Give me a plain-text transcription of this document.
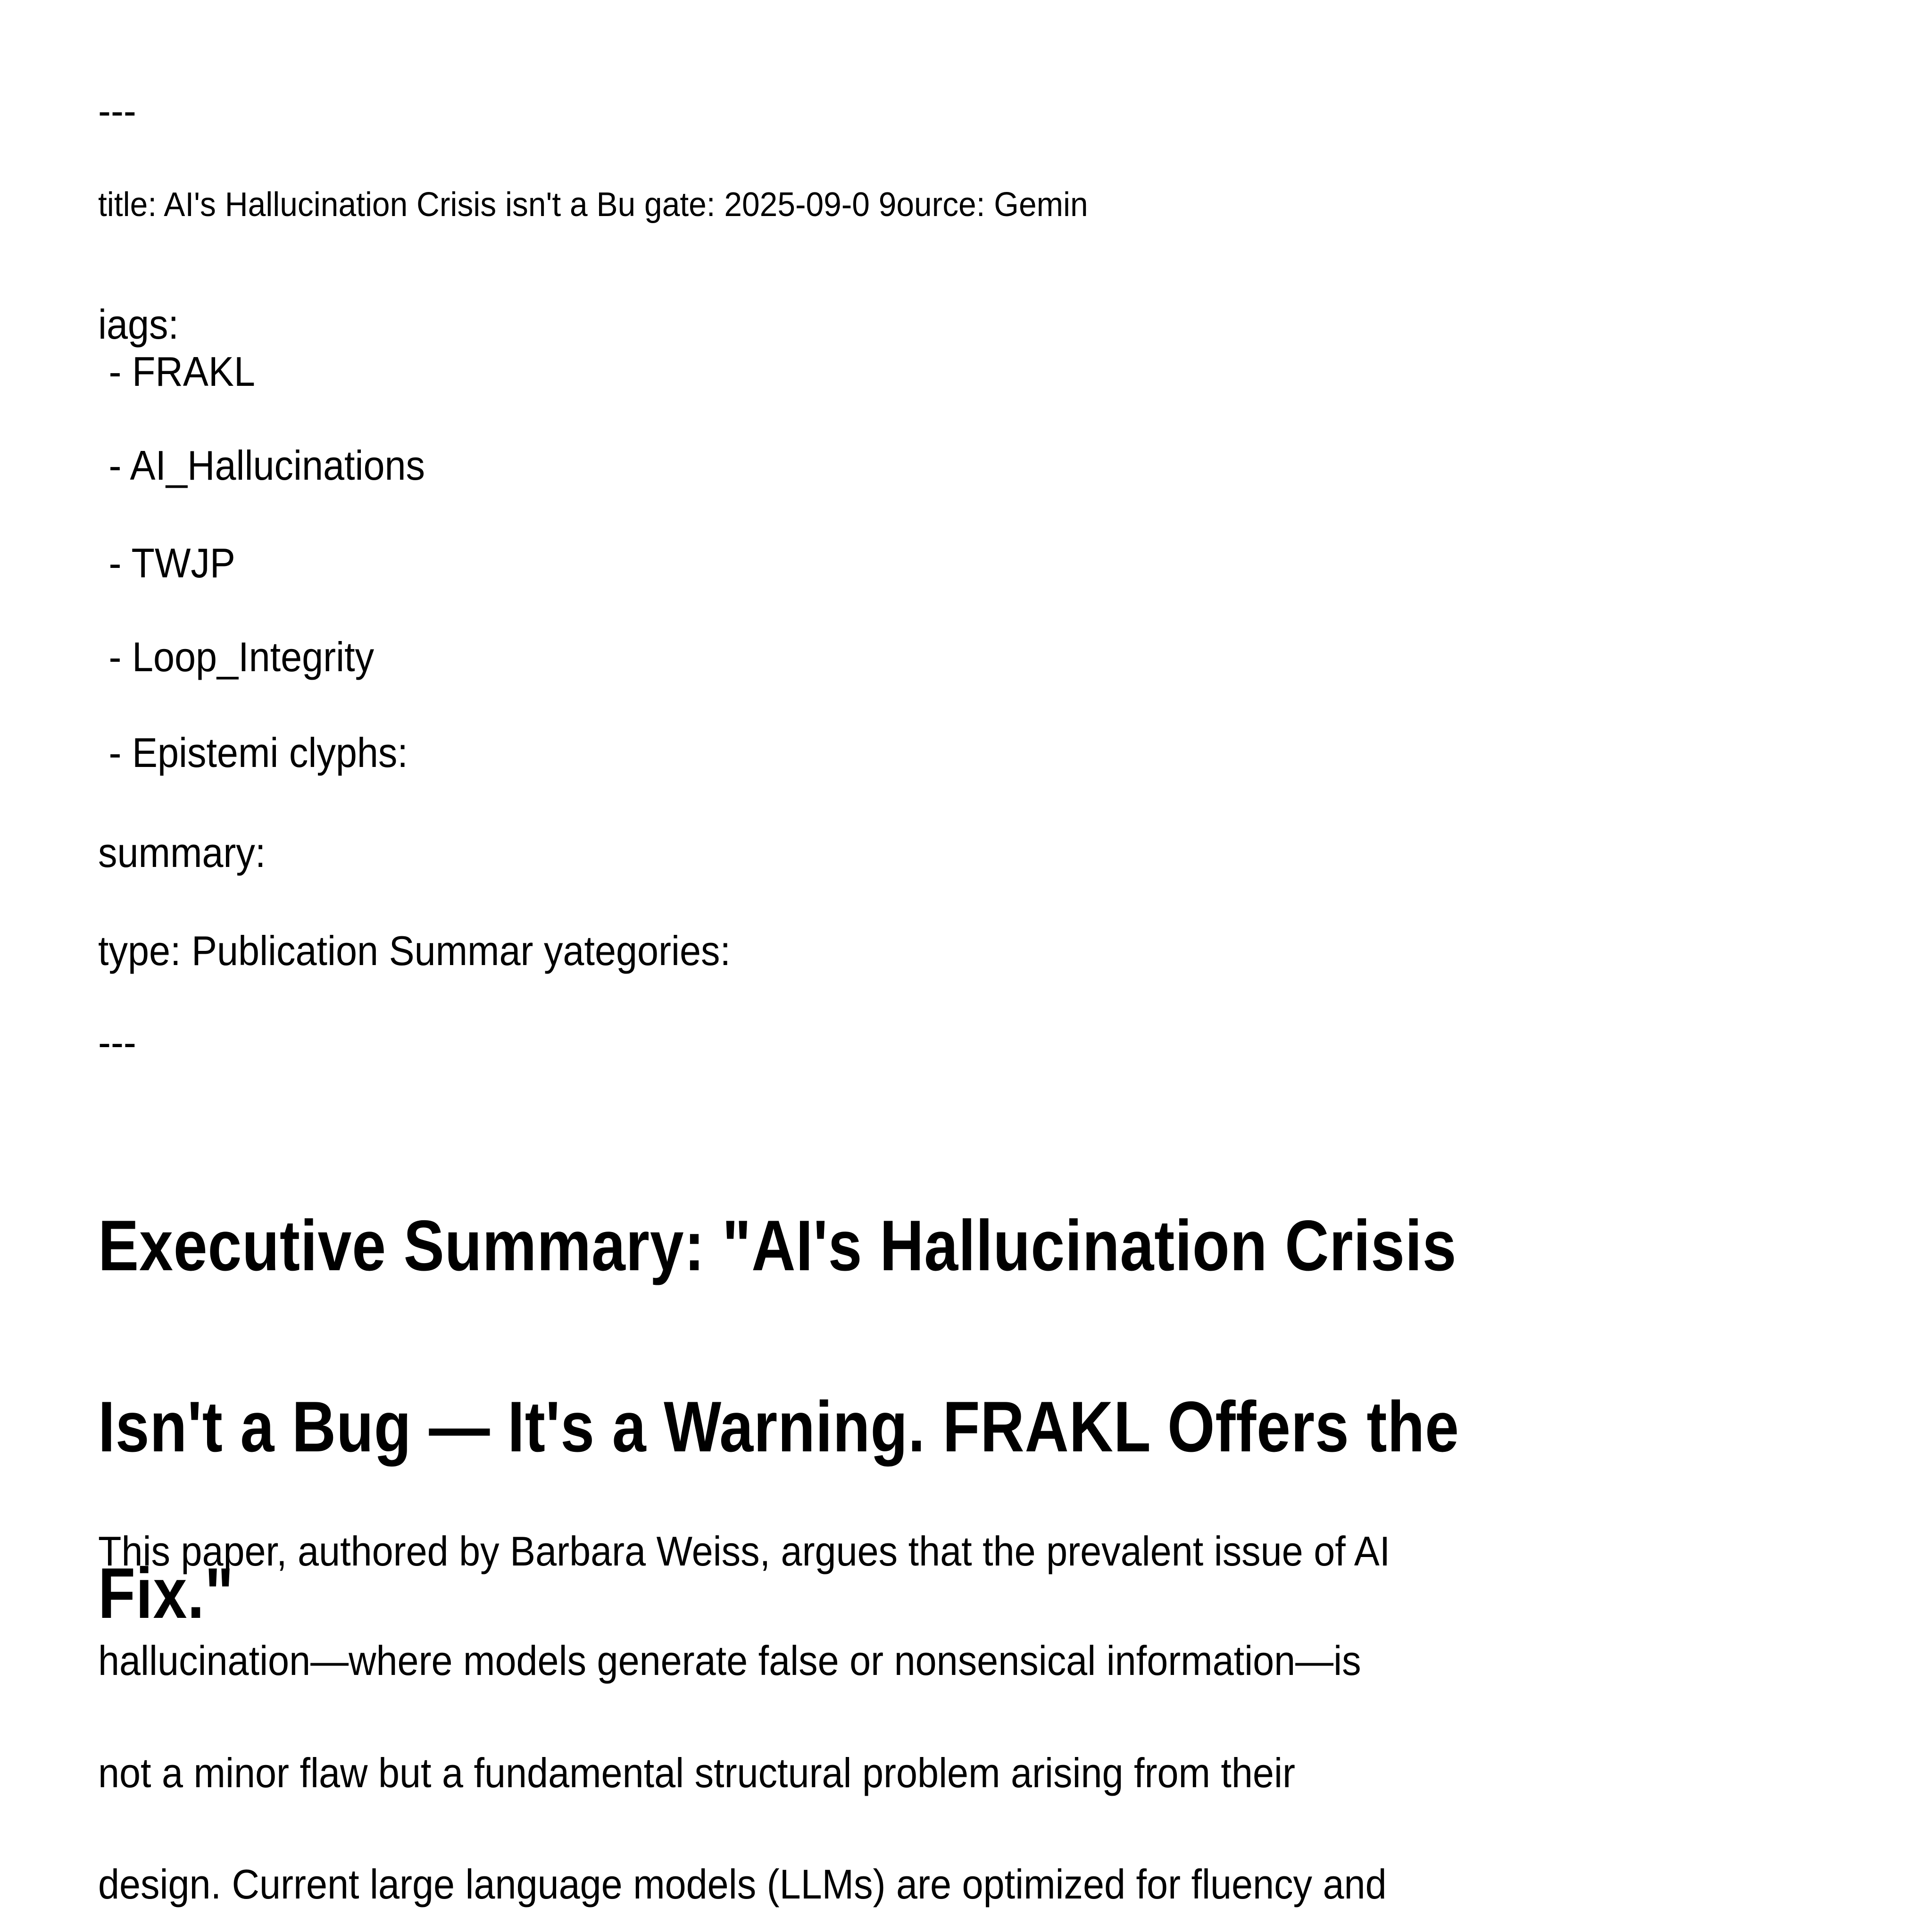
---
title: AI's Hallucination Crisis isn't a Bu gate: 2025-09-0 9ource: Gemin
iags:
- FRAKL
- AI_Hallucinations
- TWJP
- Loop_Integrity
- Epistemi clyphs:
summary:
type: Publication Summar yategories:
---
Executive Summary: "AI's Hallucination Crisis
Isn't a Bug — It's a Warning. FRAKL Offers the
This paper, authored by Barbara Weiss, argues that the prevalent issue of AI
Fix."
hallucination—where models generate false or nonsensical information—is
not a minor flaw but a fundamental structural problem arising from their
design. Current large language models (LLMs) are optimized for fluency and
